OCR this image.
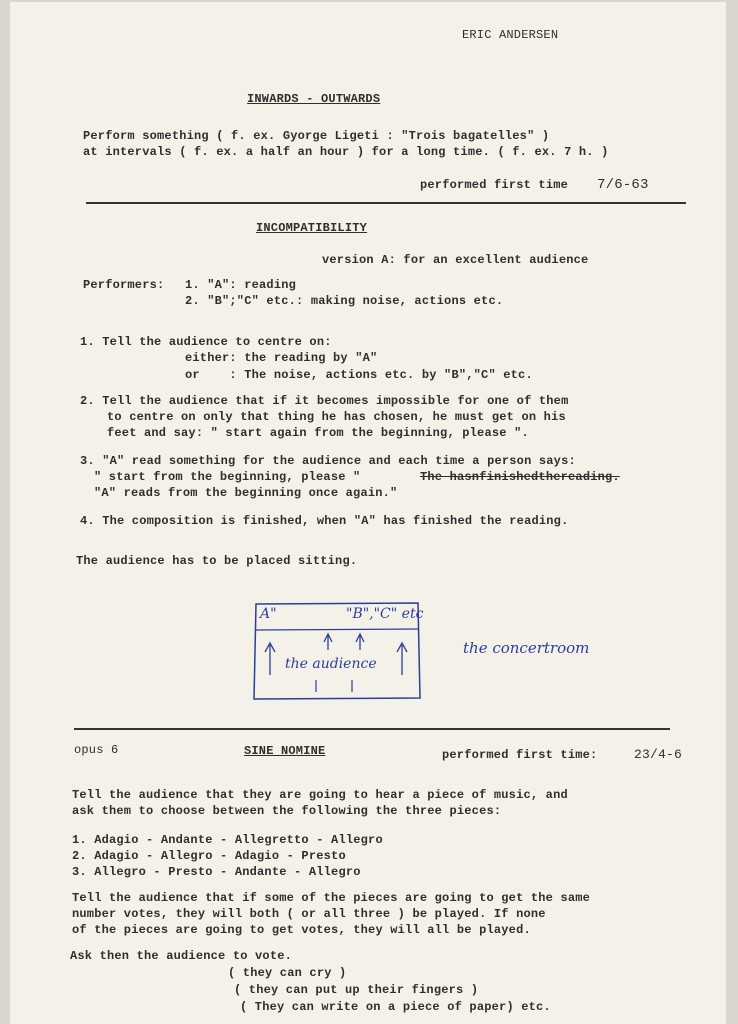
ERIC ANDERSEN
INWARDS - OUTWARDS
Perform something ( f. ex. Gyorge Ligeti : "Trois bagatelles" )
at intervals ( f. ex. a half an hour ) for a long time. ( f. ex. 7 h. )
performed first time 7/6-63
INCOMPATIBILITY
version A: for an excellent audience
Performers: 1. "A": reading
2. "B";"C" etc.: making noise, actions etc.
1. Tell the audience to centre on:
either: the reading by "A"
or    : The noise, actions etc. by "B","C" etc.
2. Tell the audience that if it becomes impossible for one of them
to centre on only that thing he has chosen, he must get on his
feet and say: " start again from the beginning, please ".
3. "A" read something for the audience and each time a person says:
" start from the beginning, please "	The hasnfinishedthereading.
"A" reads from the beginning once again."
4. The composition is finished, when "A" has finished the reading.
The audience has to be placed sitting.
A"	"B","C" etc
the audience
the concertroom
opus 6	SINE NOMINE	performed first time:	23/4-6
Tell the audience that they are going to hear a piece of music, and
ask them to choose between the following the three pieces:
1. Adagio - Andante - Allegretto - Allegro
2. Adagio - Allegro - Adagio - Presto
3. Allegro - Presto - Andante - Allegro
Tell the audience that if some of the pieces are going to get the same
number votes, they will both ( or all three ) be played. If none
of the pieces are going to get votes, they will all be played.
Ask then the audience to vote.
( they can cry )
( they can put up their fingers )
( They can write on a piece of paper) etc.
